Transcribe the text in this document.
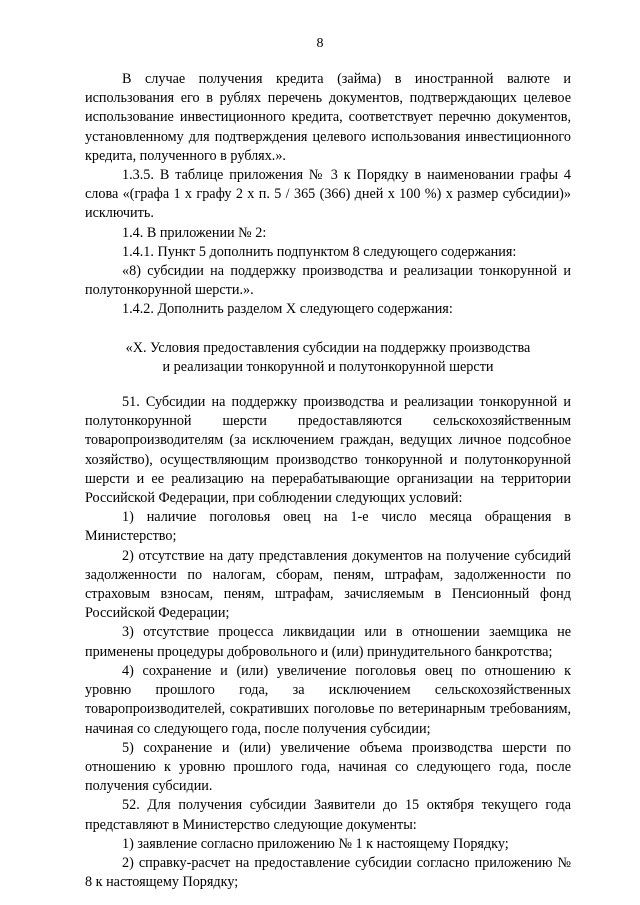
8

В случае получения кредита (займа) в иностранной валюте и использования его в рублях перечень документов, подтверждающих целевое использование инвестиционного кредита, соответствует перечню документов, установленному для подтверждения целевого использования инвестиционного кредита, полученного в рублях.».

1.3.5. В таблице приложения № 3 к Порядку в наименовании графы 4 слова «(графа 1 х графу 2 х п. 5 / 365 (366) дней х 100 %) х размер субсидии)» исключить.

1.4. В приложении № 2:

1.4.1. Пункт 5 дополнить подпунктом 8 следующего содержания:

«8) субсидии на поддержку производства и реализации тонкорунной и полутонкорунной шерсти.».

1.4.2. Дополнить разделом X следующего содержания:

«X. Условия предоставления субсидии на поддержку производства
и реализации тонкорунной и полутонкорунной шерсти

51. Субсидии на поддержку производства и реализации тонкорунной и полутонкорунной шерсти предоставляются сельскохозяйственным товаропроизводителям (за исключением граждан, ведущих личное подсобное хозяйство), осуществляющим производство тонкорунной и полутонкорунной шерсти и ее реализацию на перерабатывающие организации на территории Российской Федерации, при соблюдении следующих условий:

1) наличие поголовья овец на 1-е число месяца обращения в Министерство;

2) отсутствие на дату представления документов на получение субсидий задолженности по налогам, сборам, пеням, штрафам, задолженности по страховым взносам, пеням, штрафам, зачисляемым в Пенсионный фонд Российской Федерации;

3) отсутствие процесса ликвидации или в отношении заемщика не применены процедуры добровольного и (или) принудительного банкротства;

4) сохранение и (или) увеличение поголовья овец по отношению к уровню прошлого года, за исключением сельскохозяйственных товаропроизводителей, сокративших поголовье по ветеринарным требованиям, начиная со следующего года, после получения субсидии;

5) сохранение и (или) увеличение объема производства шерсти по отношению к уровню прошлого года, начиная со следующего года, после получения субсидии.

52. Для получения субсидии Заявители до 15 октября текущего года представляют в Министерство следующие документы:

1) заявление согласно приложению № 1 к настоящему Порядку;

2) справку-расчет на предоставление субсидии согласно приложению № 8 к настоящему Порядку;
